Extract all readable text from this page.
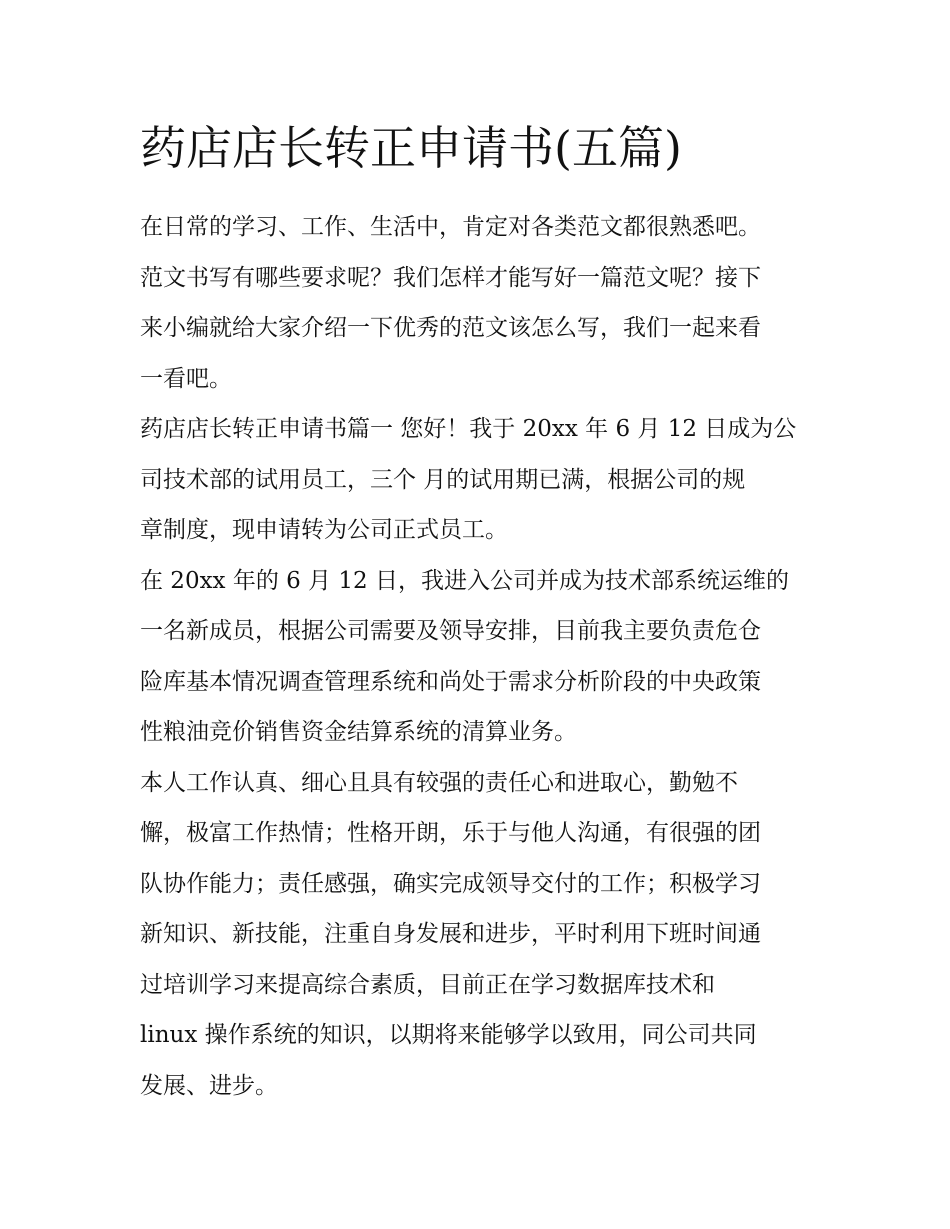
药店店长转正申请书(五篇)
在日常的学习、工作、生活中，肯定对各类范文都很熟悉吧。
范文书写有哪些要求呢？我们怎样才能写好一篇范文呢？接下
来小编就给大家介绍一下优秀的范文该怎么写，我们一起来看
一看吧。
药店店长转正申请书篇一 您好！我于 20xx 年 6 月 12 日成为公
司技术部的试用员工，三个 月的试用期已满，根据公司的规
章制度，现申请转为公司正式员工。
在 20xx 年的 6 月 12 日，我进入公司并成为技术部系统运维的
一名新成员，根据公司需要及领导安排，目前我主要负责危仓
险库基本情况调查管理系统和尚处于需求分析阶段的中央政策
性粮油竞价销售资金结算系统的清算业务。
本人工作认真、细心且具有较强的责任心和进取心，勤勉不
懈，极富工作热情；性格开朗，乐于与他人沟通，有很强的团
队协作能力；责任感强，确实完成领导交付的工作；积极学习
新知识、新技能，注重自身发展和进步，平时利用下班时间通
过培训学习来提高综合素质，目前正在学习数据库技术和
linux 操作系统的知识，以期将来能够学以致用，同公司共同
发展、进步。
